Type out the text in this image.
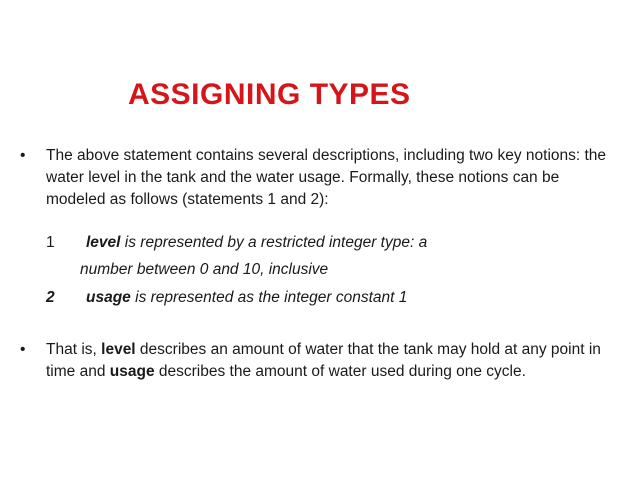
ASSIGNING TYPES
• The above statement contains several descriptions, including two key notions: the water level in the tank and the water usage. Formally, these notions can be modeled as follows (statements 1 and 2):
1 level is represented by a restricted integer type: a
number between 0 and 10, inclusive
2 usage is represented as the integer constant 1
• That is, level describes an amount of water that the tank may hold at any point in time and usage describes the amount of water used during one cycle.
